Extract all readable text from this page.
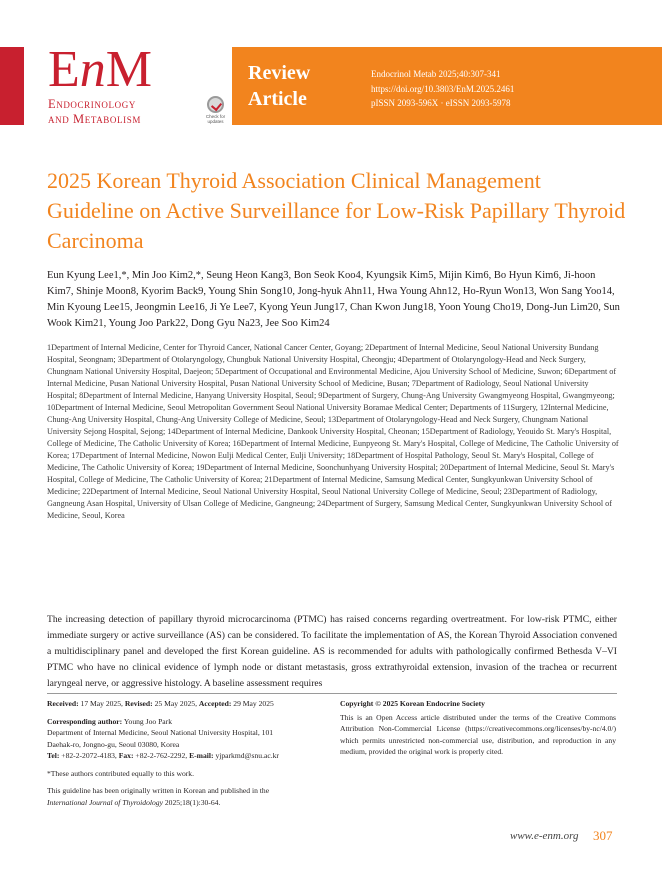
EnM
Endocrinology
and Metabolism	Check for updates
Review
Article
Endocrinol Metab 2025;40:307-341
https://doi.org/10.3803/EnM.2025.2461
pISSN 2093-596X · eISSN 2093-5978
2025 Korean Thyroid Association Clinical Management Guideline on Active Surveillance for Low-Risk Papillary Thyroid Carcinoma
Eun Kyung Lee1,*, Min Joo Kim2,*, Seung Heon Kang3, Bon Seok Koo4, Kyungsik Kim5, Mijin Kim6, Bo Hyun Kim6, Ji-hoon Kim7, Shinje Moon8, Kyorim Back9, Young Shin Song10, Jong-hyuk Ahn11, Hwa Young Ahn12, Ho-Ryun Won13, Won Sang Yoo14, Min Kyoung Lee15, Jeongmin Lee16, Ji Ye Lee7, Kyong Yeun Jung17, Chan Kwon Jung18, Yoon Young Cho19, Dong-Jun Lim20, Sun Wook Kim21, Young Joo Park22, Dong Gyu Na23, Jee Soo Kim24
1Department of Internal Medicine, Center for Thyroid Cancer, National Cancer Center, Goyang; 2Department of Internal Medicine, Seoul National University Bundang Hospital, Seongnam; 3Department of Otolaryngology, Chungbuk National University Hospital, Cheongju; 4Department of Otolaryngology-Head and Neck Surgery, Chungnam National University Hospital, Daejeon; 5Department of Occupational and Environmental Medicine, Ajou University School of Medicine, Suwon; 6Department of Internal Medicine, Pusan National University Hospital, Pusan National University School of Medicine, Busan; 7Department of Radiology, Seoul National University Hospital; 8Department of Internal Medicine, Hanyang University Hospital, Seoul; 9Department of Surgery, Chung-Ang University Gwangmyeong Hospital, Gwangmyeong; 10Department of Internal Medicine, Seoul Metropolitan Government Seoul National University Boramae Medical Center; Departments of 11Surgery, 12Internal Medicine, Chung-Ang University Hospital, Chung-Ang University College of Medicine, Seoul; 13Department of Otolaryngology-Head and Neck Surgery, Chungnam National University Sejong Hospital, Sejong; 14Department of Internal Medicine, Dankook University Hospital, Cheonan; 15Department of Radiology, Yeouido St. Mary's Hospital, College of Medicine, The Catholic University of Korea; 16Department of Internal Medicine, Eunpyeong St. Mary's Hospital, College of Medicine, The Catholic University of Korea; 17Department of Internal Medicine, Nowon Eulji Medical Center, Eulji University; 18Department of Hospital Pathology, Seoul St. Mary's Hospital, College of Medicine, The Catholic University of Korea; 19Department of Internal Medicine, Soonchunhyang University Hospital; 20Department of Internal Medicine, Seoul St. Mary's Hospital, College of Medicine, The Catholic University of Korea; 21Department of Internal Medicine, Samsung Medical Center, Sungkyunkwan University School of Medicine; 22Department of Internal Medicine, Seoul National University Hospital, Seoul National University College of Medicine, Seoul; 23Department of Radiology, Gangneung Asan Hospital, University of Ulsan College of Medicine, Gangneung; 24Department of Surgery, Samsung Medical Center, Sungkyunkwan University School of Medicine, Seoul, Korea
The increasing detection of papillary thyroid microcarcinoma (PTMC) has raised concerns regarding overtreatment. For low-risk PTMC, either immediate surgery or active surveillance (AS) can be considered. To facilitate the implementation of AS, the Korean Thyroid Association convened a multidisciplinary panel and developed the first Korean guideline. AS is recommended for adults with pathologically confirmed Bethesda V–VI PTMC who have no clinical evidence of lymph node or distant metastasis, gross extrathyroidal extension, invasion of the trachea or recurrent laryngeal nerve, or aggressive histology. A baseline assessment requires

Received: 17 May 2025, Revised: 25 May 2025, Accepted: 29 May 2025

Corresponding author: Young Joo Park
Department of Internal Medicine, Seoul National University Hospital, 101
Daehak-ro, Jongno-gu, Seoul 03080, Korea
Tel: +82-2-2072-4183, Fax: +82-2-762-2292, E-mail: yjparkmd@snu.ac.kr

*These authors contributed equally to this work.

This guideline has been originally written in Korean and published in the
International Journal of Thyroidology 2025;18(1):30-64.

Copyright © 2025 Korean Endocrine Society
This is an Open Access article distributed under the terms of the Creative Commons Attribution Non-Commercial License (https://creativecommons.org/licenses/by-nc/4.0/) which permits unrestricted non-commercial use, distribution, and reproduction in any medium, provided the original work is properly cited.
www.e-enm.org 307
